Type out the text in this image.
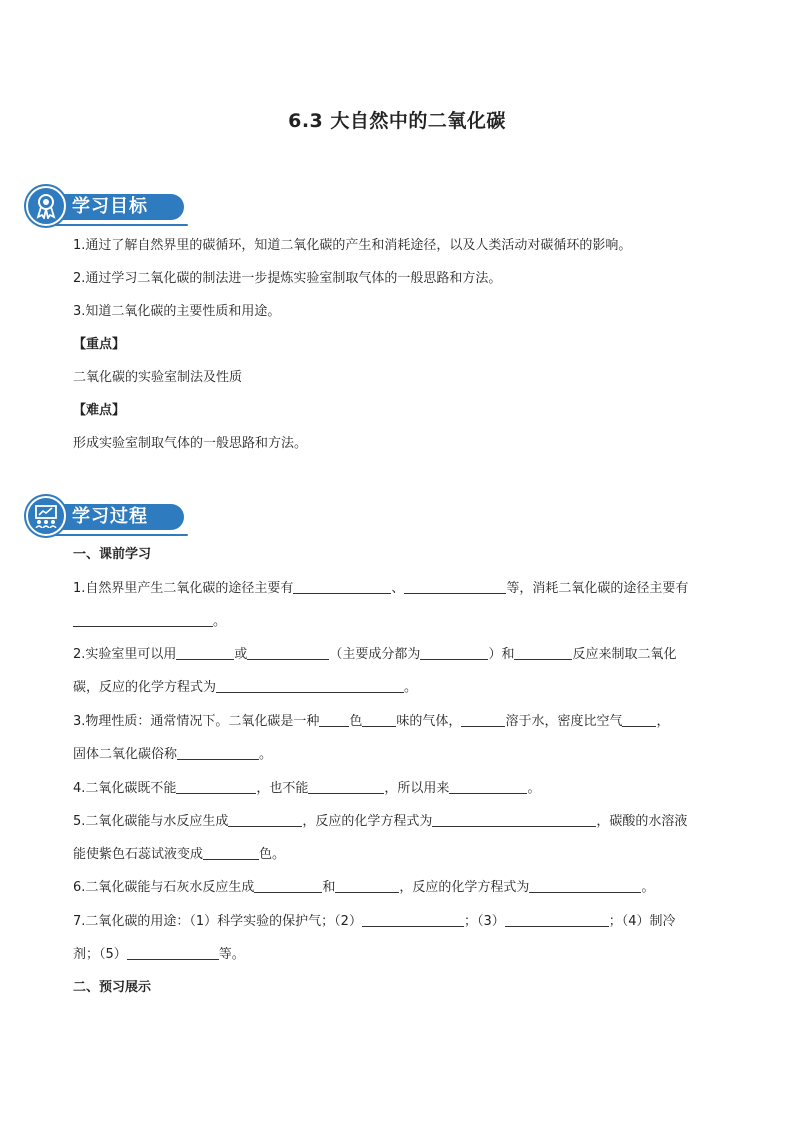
6.3 大自然中的二氧化碳
学习目标
1.通过了解自然界里的碳循环，知道二氧化碳的产生和消耗途径，以及人类活动对碳循环的影响。
2.通过学习二氧化碳的制法进一步提炼实验室制取气体的一般思路和方法。
3.知道二氧化碳的主要性质和用途。
【重点】
二氧化碳的实验室制法及性质
【难点】
形成实验室制取气体的一般思路和方法。
学习过程
一、课前学习
1.自然界里产生二氧化碳的途径主要有	、	等，消耗二氧化碳的途径主要有
。
2.实验室里可以用	或	（主要成分都为	）和	反应来制取二氧化
碳，反应的化学方程式为	。
3.物理性质：通常情况下。二氧化碳是一种 色	味的气体，	溶于水，密度比空气	，
固体二氧化碳俗称	。
4.二氧化碳既不能	，也不能	，所以用来	。
5.二氧化碳能与水反应生成	，反应的化学方程式为	，碳酸的水溶液
能使紫色石蕊试液变成	色。
6.二氧化碳能与石灰水反应生成	和	，反应的化学方程式为	。
7.二氧化碳的用途：（1）科学实验的保护气；（2）	；（3）	；（4）制冷
剂；（5）	等。
二、预习展示
